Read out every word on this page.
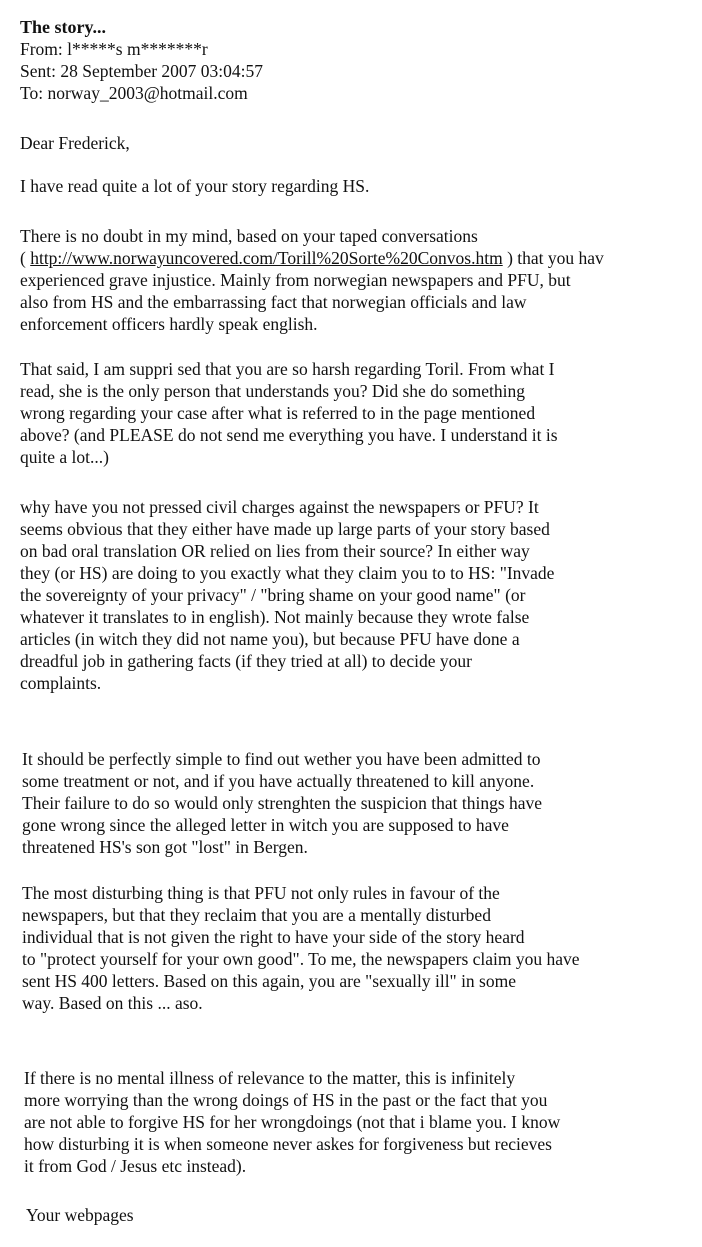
The story...
From: l*****s m*******r
Sent: 28 September 2007 03:04:57
To: norway_2003@hotmail.com
Dear Frederick,
I have read quite a lot of your story regarding HS.
There is no doubt in my mind, based on your taped conversations
( http://www.norwayuncovered.com/Torill%20Sorte%20Convos.htm ) that you hav
experienced grave injustice. Mainly from norwegian newspapers and PFU, but
also from HS and the embarrassing fact that norwegian officials and law
enforcement officers hardly speak english.
That said, I am suppri sed that you are so harsh regarding Toril. From what I
read, she is the only person that understands you? Did she do something
wrong regarding your case after what is referred to in the page mentioned
above? (and PLEASE do not send me everything you have. I understand it is
quite a lot...)
why have you not pressed civil charges against the newspapers or PFU? It
seems obvious that they either have made up large parts of your story based
on bad oral translation OR relied on lies from their source? In either way
they (or HS) are doing to you exactly what they claim you to to HS: "Invade
the sovereignty of your privacy" / "bring shame on your good name" (or
whatever it translates to in english). Not mainly because they wrote false
articles (in witch they did not name you), but because PFU have done a
dreadful job in gathering facts (if they tried at all) to decide your
complaints.
It should be perfectly simple to find out wether you have been admitted to
some treatment or not, and if you have actually threatened to kill anyone.
Their failure to do so would only strenghten the suspicion that things have
gone wrong since the alleged letter in witch you are supposed to have
threatened HS's son got "lost" in Bergen.
The most disturbing thing is that PFU not only rules in favour of the
newspapers, but that they reclaim that you are a mentally disturbed
individual that is not given the right to have your side of the story heard
to "protect yourself for your own good". To me, the newspapers claim you have
sent HS 400 letters. Based on this again, you are "sexually ill" in some
way. Based on this ... aso.
If there is no mental illness of relevance to the matter, this is infinitely
more worrying than the wrong doings of HS in the past or the fact that you
are not able to forgive HS for her wrongdoings (not that i blame you. I know
how disturbing it is when someone never askes for forgiveness but recieves
it from God / Jesus etc instead).
Your webpages
